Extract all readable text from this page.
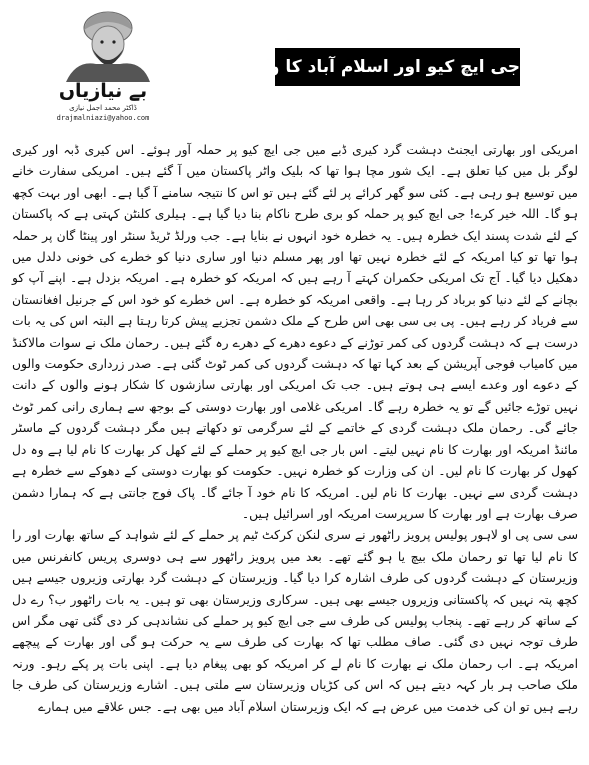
بے نیازیاں
ڈاکٹر محمد اجمل نیازی
drajmalniazi@yahoo.com
جی ایچ کیو اور اسلام آباد کا وزیرستان

امریکی اور بھارتی ایجنٹ دہشت گرد کیری ڈبے میں جی ایچ کیو پر حملہ آور ہوئے۔ اس کیری ڈبہ اور کیری لوگر بل میں کیا تعلق ہے۔ ایک شور مچا ہوا تھا کہ بلیک واٹر پاکستان میں آ گئے ہیں۔ امریکی سفارت خانے میں توسیع ہو رہی ہے۔ کئی سو گھر کرائے پر لئے گئے ہیں تو اس کا نتیجہ سامنے آ گیا ہے۔ ابھی اور بہت کچھ ہو گا۔ اللہ خیر کرے! جی ایچ کیو پر حملہ کو بری طرح ناکام بنا دیا گیا ہے۔ ہیلری کلنٹن کہتی ہے کہ پاکستان کے لئے شدت پسند ایک خطرہ ہیں۔ یہ خطرہ خود انہوں نے بنایا ہے۔ جب ورلڈ ٹریڈ سنٹر اور پینٹا گان پر حملہ ہوا تھا تو کیا امریکہ کے لئے خطرہ نہیں تھا اور پھر مسلم دنیا اور ساری دنیا کو خطرے کی خونی دلدل میں دھکیل دیا گیا۔ آج تک امریکی حکمران کہتے آ رہے ہیں کہ امریکہ کو خطرہ ہے۔ امریکہ بزدل ہے۔ اپنے آپ کو بچانے کے لئے دنیا کو برباد کر رہا ہے۔ واقعی امریکہ کو خطرہ ہے۔ اس خطرے کو خود اس کے جرنیل افغانستان سے فریاد کر رہے ہیں۔ پی بی سی بھی اس طرح کے ملک دشمن تجزیے پیش کرتا رہتا ہے البتہ اس کی یہ بات درست ہے کہ دہشت گردوں کی کمر توڑنے کے دعوے دھرے کے دھرے رہ گئے ہیں۔ رحمان ملک نے سوات مالاکنڈ میں کامیاب فوجی آپریشن کے بعد کہا تھا کہ دہشت گردوں کی کمر ٹوٹ گئی ہے۔ صدر زرداری حکومت والوں کے دعوے اور وعدے ایسے ہی ہوتے ہیں۔ جب تک امریکی اور بھارتی سازشوں کا شکار ہونے والوں کے دانت نہیں توڑے جائیں گے تو یہ خطرہ رہے گا۔ امریکی غلامی اور بھارت دوستی کے بوجھ سے ہماری رانی کمر ٹوٹ جائے گی۔ رحمان ملک دہشت گردی کے خاتمے کے لئے سرگرمی تو دکھاتے ہیں مگر دہشت گردوں کے ماسٹر مائنڈ امریکہ اور بھارت کا نام نہیں لیتے۔ اس بار جی ایچ کیو پر حملے کے لئے کھل کر بھارت کا نام لیا ہے وہ دل کھول کر بھارت کا نام لیں۔ ان کی وزارت کو خطرہ نہیں۔ حکومت کو بھارت دوستی کے دھوکے سے خطرہ ہے دہشت گردی سے نہیں۔ بھارت کا نام لیں۔ امریکہ کا نام خود آ جائے گا۔ پاک فوج جانتی ہے کہ ہمارا دشمن صرف بھارت ہے اور بھارت کا سرپرست امریکہ اور اسرائیل ہیں۔

سی سی پی او لاہور پولیس پرویز راٹھور نے سری لنکن کرکٹ ٹیم پر حملے کے لئے شواہد کے ساتھ بھارت اور را کا نام لیا تھا تو رحمان ملک بیچ یا ہو گئے تھے۔ بعد میں پرویز راٹھور سے ہی دوسری پریس کانفرنس میں وزیرستان کے دہشت گردوں کی طرف اشارہ کرا دیا گیا۔ وزیرستان کے دہشت گرد بھارتی وزیروں جیسے ہیں کچھ پتہ نہیں کہ پاکستانی وزیروں جیسے بھی ہیں۔ سرکاری وزیرستان بھی تو ہیں۔ یہ بات راٹھور ب؟ رے دل کے ساتھ کر رہے تھے۔ پنجاب پولیس کی طرف سے جی ایچ کیو پر حملے کی نشاندہی کر دی گئی تھی مگر اس طرف توجہ نہیں دی گئی۔ صاف مطلب تھا کہ بھارت کی طرف سے یہ حرکت ہو گی اور بھارت کے پیچھے امریکہ ہے۔ اب رحمان ملک نے بھارت کا نام لے کر امریکہ کو بھی پیغام دیا ہے۔ اپنی بات پر پکے رہو۔ ورنہ ملک صاحب ہر بار کہہ دیتے ہیں کہ اس کی کڑیاں وزیرستان سے ملتی ہیں۔ اشارے وزیرستان کی طرف جا رہے ہیں تو ان کی خدمت میں عرض ہے کہ ایک وزیرستان اسلام آباد میں بھی ہے۔ جس علاقے میں ہمارے
